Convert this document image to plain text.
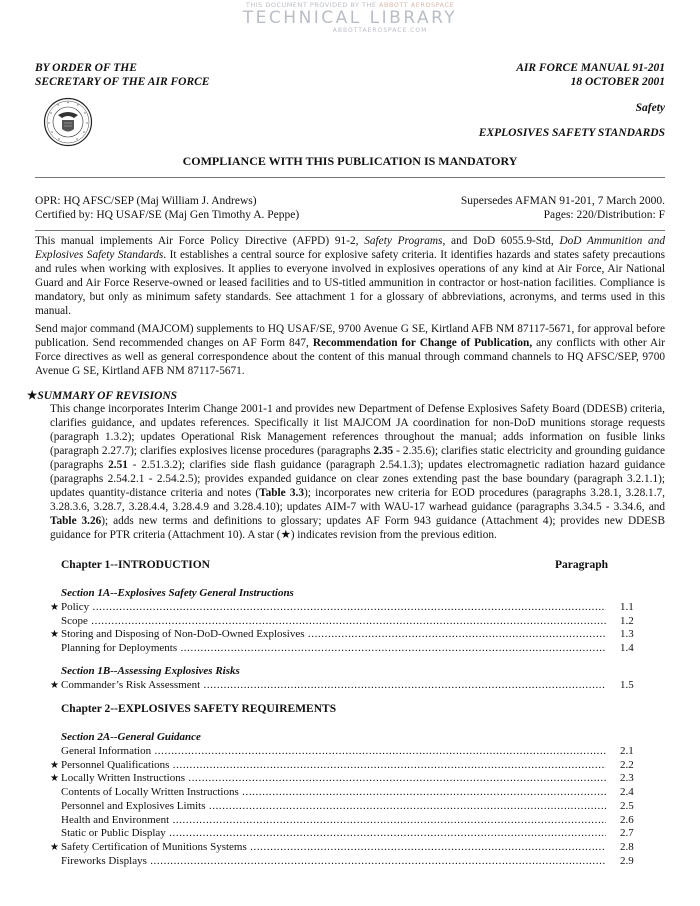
THIS DOCUMENT PROVIDED BY THE ABBOTT AEROSPACE
TECHNICAL LIBRARY
ABBOTTAEROSPACE.COM
BY ORDER OF THE
SECRETARY OF THE AIR FORCE
AIR FORCE MANUAL 91-201
18 OCTOBER 2001
Safety
EXPLOSIVES SAFETY STANDARDS
COMPLIANCE WITH THIS PUBLICATION IS MANDATORY
OPR: HQ AFSC/SEP (Maj William J. Andrews)
Certified by: HQ USAF/SE (Maj Gen Timothy A. Peppe)
Supersedes AFMAN 91-201, 7 March 2000.
Pages: 220/Distribution: F
This manual implements Air Force Policy Directive (AFPD) 91-2, Safety Programs, and DoD 6055.9-Std, DoD Ammunition and Explosives Safety Standards. It establishes a central source for explosive safety criteria. It identifies hazards and states safety precautions and rules when working with explosives. It applies to everyone involved in explosives operations of any kind at Air Force, Air National Guard and Air Force Reserve-owned or leased facilities and to US-titled ammunition in contractor or host-nation facilities. Compliance is mandatory, but only as minimum safety standards. See attachment 1 for a glossary of abbreviations, acronyms, and terms used in this manual.
Send major command (MAJCOM) supplements to HQ USAF/SE, 9700 Avenue G SE, Kirtland AFB NM 87117-5671, for approval before publication. Send recommended changes on AF Form 847, Recommendation for Change of Publication, any conflicts with other Air Force directives as well as general correspondence about the content of this manual through command channels to HQ AFSC/SEP, 9700 Avenue G SE, Kirtland AFB NM 87117-5671.
★SUMMARY OF REVISIONS
This change incorporates Interim Change 2001-1 and provides new Department of Defense Explosives Safety Board (DDESB) criteria, clarifies guidance, and updates references. Specifically it list MAJCOM JA coordination for non-DoD munitions storage requests (paragraph 1.3.2); updates Operational Risk Management references throughout the manual; adds information on fusible links (paragraph 2.27.7); clarifies explosives license procedures (paragraphs 2.35 - 2.35.6); clarifies static electricity and grounding guidance (paragraphs 2.51 - 2.51.3.2); clarifies side flash guidance (paragraph 2.54.1.3); updates electromagnetic radiation hazard guidance (paragraphs 2.54.2.1 - 2.54.2.5); provides expanded guidance on clear zones extending past the base boundary (paragraph 3.2.1.1); updates quantity-distance criteria and notes (Table 3.3); incorporates new criteria for EOD procedures (paragraphs 3.28.1, 3.28.1.7, 3.28.3.6, 3.28.7, 3.28.4.4, 3.28.4.9 and 3.28.4.10); updates AIM-7 with WAU-17 warhead guidance (paragraphs 3.34.5 - 3.34.6, and Table 3.26); adds new terms and definitions to glossary; updates AF Form 943 guidance (Attachment 4); provides new DDESB guidance for PTR criteria (Attachment 10). A star (★) indicates revision from the previous edition.
Chapter 1--INTRODUCTION	Paragraph
Section 1A--Explosives Safety General Instructions
★ Policy .....	1.1
Scope .....	1.2
★ Storing and Disposing of Non-DoD-Owned Explosives .....	1.3
Planning for Deployments .....	1.4
Section 1B--Assessing Explosives Risks
★ Commander’s Risk Assessment .....	1.5
Chapter 2--EXPLOSIVES SAFETY REQUIREMENTS
Section 2A--General Guidance
General Information .....	2.1
★ Personnel Qualifications .....	2.2
★ Locally Written Instructions .....	2.3
Contents of Locally Written Instructions .....	2.4
Personnel and Explosives Limits .....	2.5
Health and Environment .....	2.6
Static or Public Display .....	2.7
★ Safety Certification of Munitions Systems .....	2.8
Fireworks Displays .....	2.9
